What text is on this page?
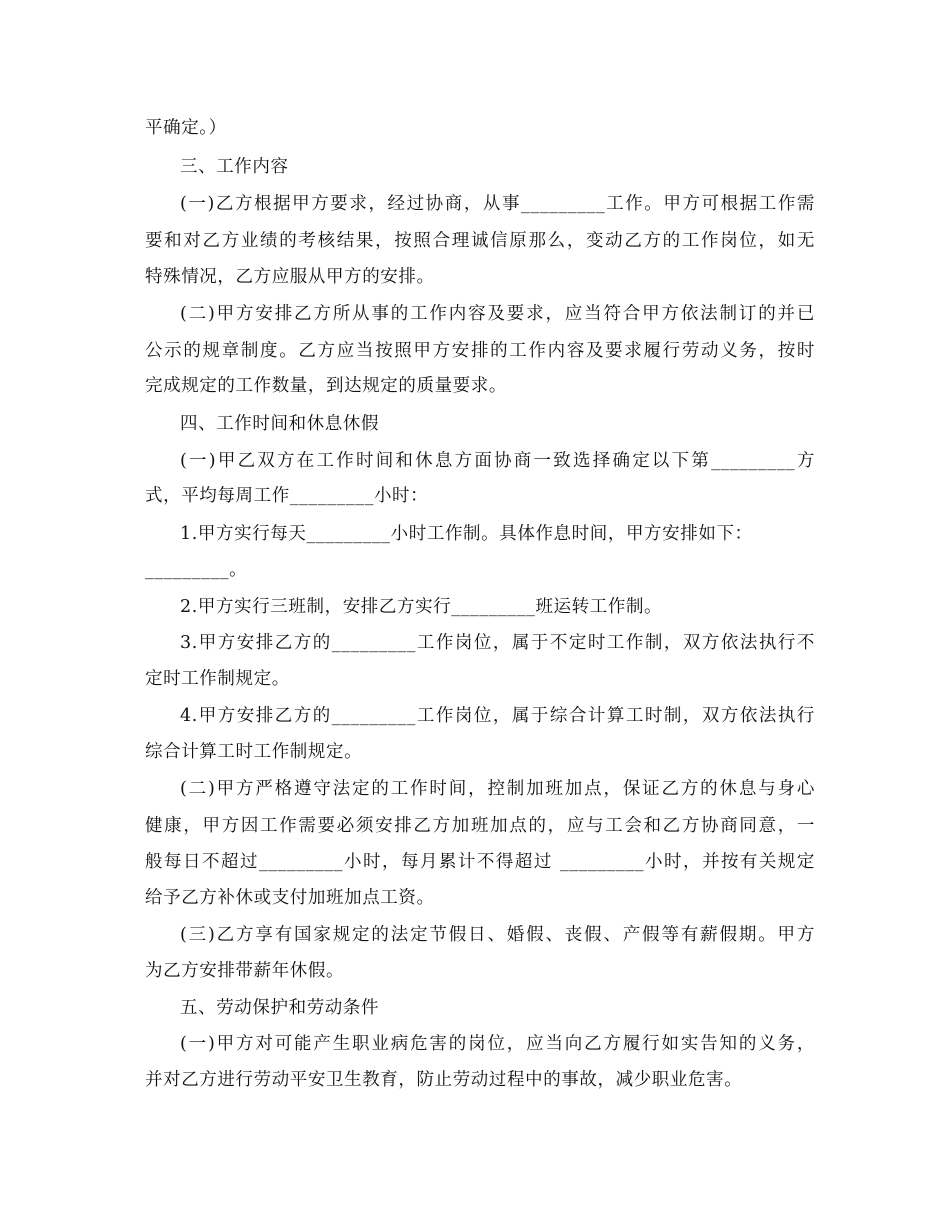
平确定。）
三、工作内容
(一)乙方根据甲方要求，经过协商，从事_________工作。甲方可根据工作需
要和对乙方业绩的考核结果，按照合理诚信原那么，变动乙方的工作岗位，如无
特殊情况，乙方应服从甲方的安排。
(二)甲方安排乙方所从事的工作内容及要求，应当符合甲方依法制订的并已
公示的规章制度。乙方应当按照甲方安排的工作内容及要求履行劳动义务，按时
完成规定的工作数量，到达规定的质量要求。
四、工作时间和休息休假
(一)甲乙双方在工作时间和休息方面协商一致选择确定以下第_________方
式，平均每周工作_________小时：
1.甲方实行每天_________小时工作制。具体作息时间，甲方安排如下：
_________。
2.甲方实行三班制，安排乙方实行_________班运转工作制。
3.甲方安排乙方的_________工作岗位，属于不定时工作制，双方依法执行不
定时工作制规定。
4.甲方安排乙方的_________工作岗位，属于综合计算工时制，双方依法执行
综合计算工时工作制规定。
(二)甲方严格遵守法定的工作时间，控制加班加点，保证乙方的休息与身心
健康，甲方因工作需要必须安排乙方加班加点的，应与工会和乙方协商同意，一
般每日不超过_________小时，每月累计不得超过 _________小时，并按有关规定
给予乙方补休或支付加班加点工资。
(三)乙方享有国家规定的法定节假日、婚假、丧假、产假等有薪假期。甲方
为乙方安排带薪年休假。
五、劳动保护和劳动条件
(一)甲方对可能产生职业病危害的岗位，应当向乙方履行如实告知的义务，
并对乙方进行劳动平安卫生教育，防止劳动过程中的事故，减少职业危害。
